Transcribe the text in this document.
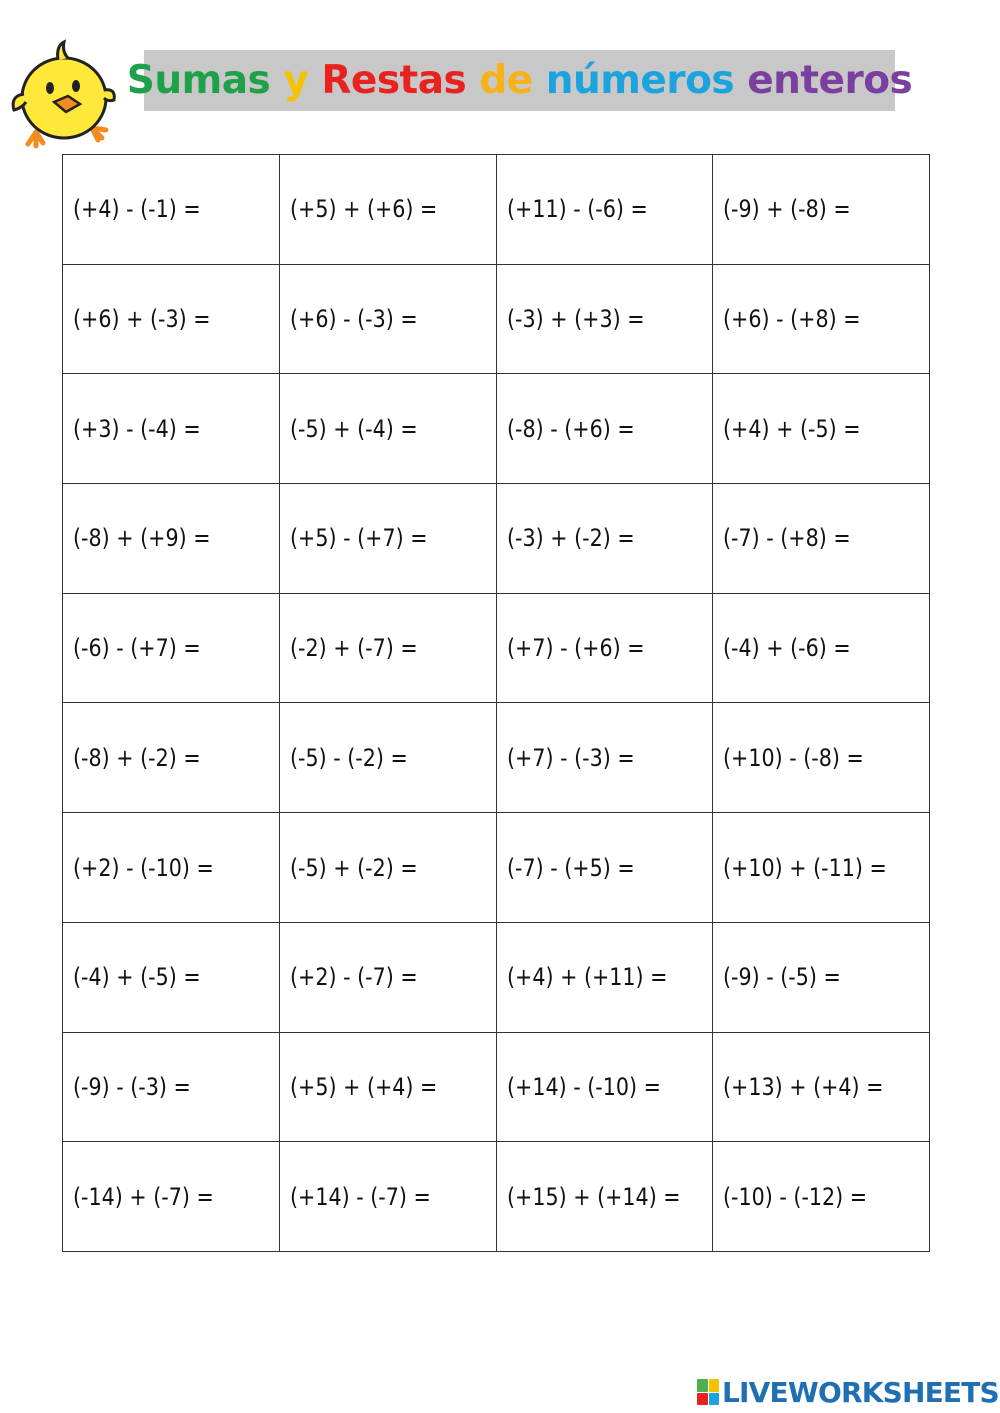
Sumas
y
Restas
de
números
enteros
(+4) - (-1) =	(+5) + (+6) =	(+11) - (-6) =	(-9) + (-8) =
(+6) + (-3) =	(+6) - (-3) =	(-3) + (+3) =	(+6) - (+8) =
(+3) - (-4) =	(-5) + (-4) =	(-8) - (+6) =	(+4) + (-5) =
(-8) + (+9) =	(+5) - (+7) =	(-3) + (-2) =	(-7) - (+8) =
(-6) - (+7) =	(-2) + (-7) =	(+7) - (+6) =	(-4) + (-6) =
(-8) + (-2) =	(-5) - (-2) =	(+7) - (-3) =	(+10) - (-8) =
(+2) - (-10) =	(-5) + (-2) =	(-7) - (+5) =	(+10) + (-11) =
(-4) + (-5) =	(+2) - (-7) =	(+4) + (+11) = (-9) - (-5) =
(-9) - (-3) =	(+5) + (+4) =	(+14) - (-10) =	(+13) + (+4) =
(-14) + (-7) =	(+14) - (-7) =	(+15) + (+14) = (-10) - (-12) =
LIVEWORKSHEETS
